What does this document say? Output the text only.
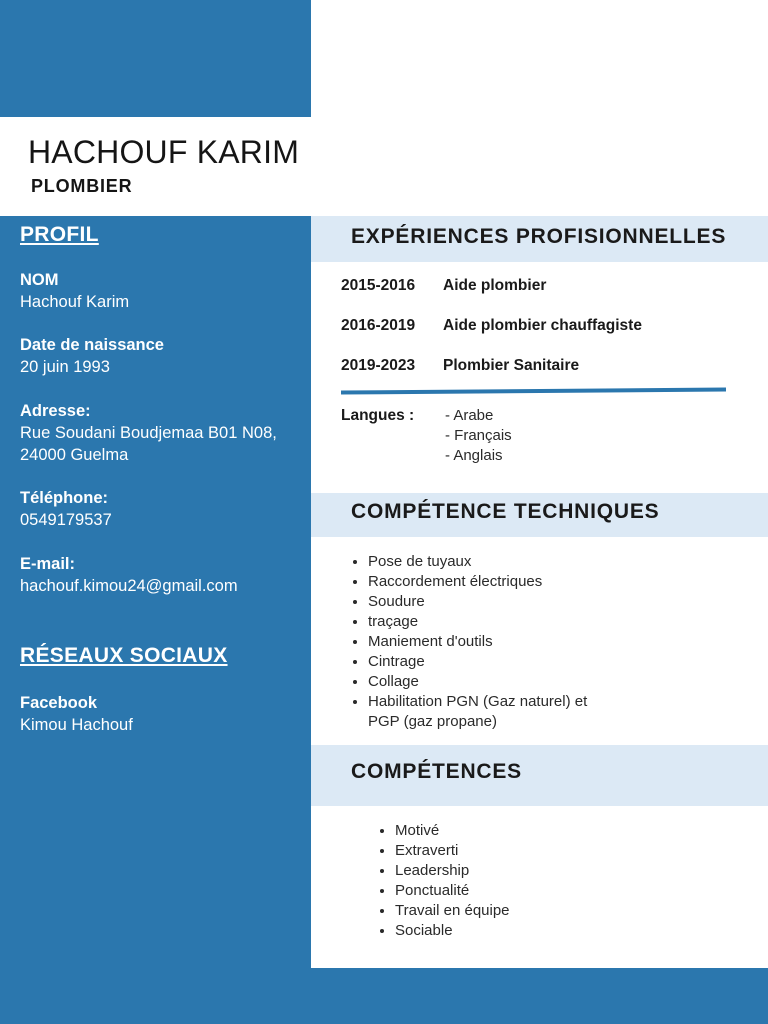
HACHOUF KARIM
PLOMBIER
PROFIL
NOM
Hachouf Karim
Date de naissance
20 juin 1993
Adresse:
Rue Soudani Boudjemaa B01 N08,
24000 Guelma
Téléphone:
0549179537
E-mail:
hachouf.kimou24@gmail.com
RÉSEAUX SOCIAUX
Facebook
Kimou Hachouf
EXPÉRIENCES PROFISIONNELLES
2015-2016 Aide plombier
2016-2019 Aide plombier chauffagiste
2019-2023 Plombier Sanitaire
Langues : - Arabe
- Français
- Anglais
COMPÉTENCE TECHNIQUES
• Pose de tuyaux
• Raccordement électriques
• Soudure
• traçage
• Maniement d'outils
• Cintrage
• Collage
• Habilitation PGN (Gaz naturel) et PGP (gaz propane)
COMPÉTENCES
• Motivé
• Extraverti
• Leadership
• Ponctualité
• Travail en équipe
• Sociable
